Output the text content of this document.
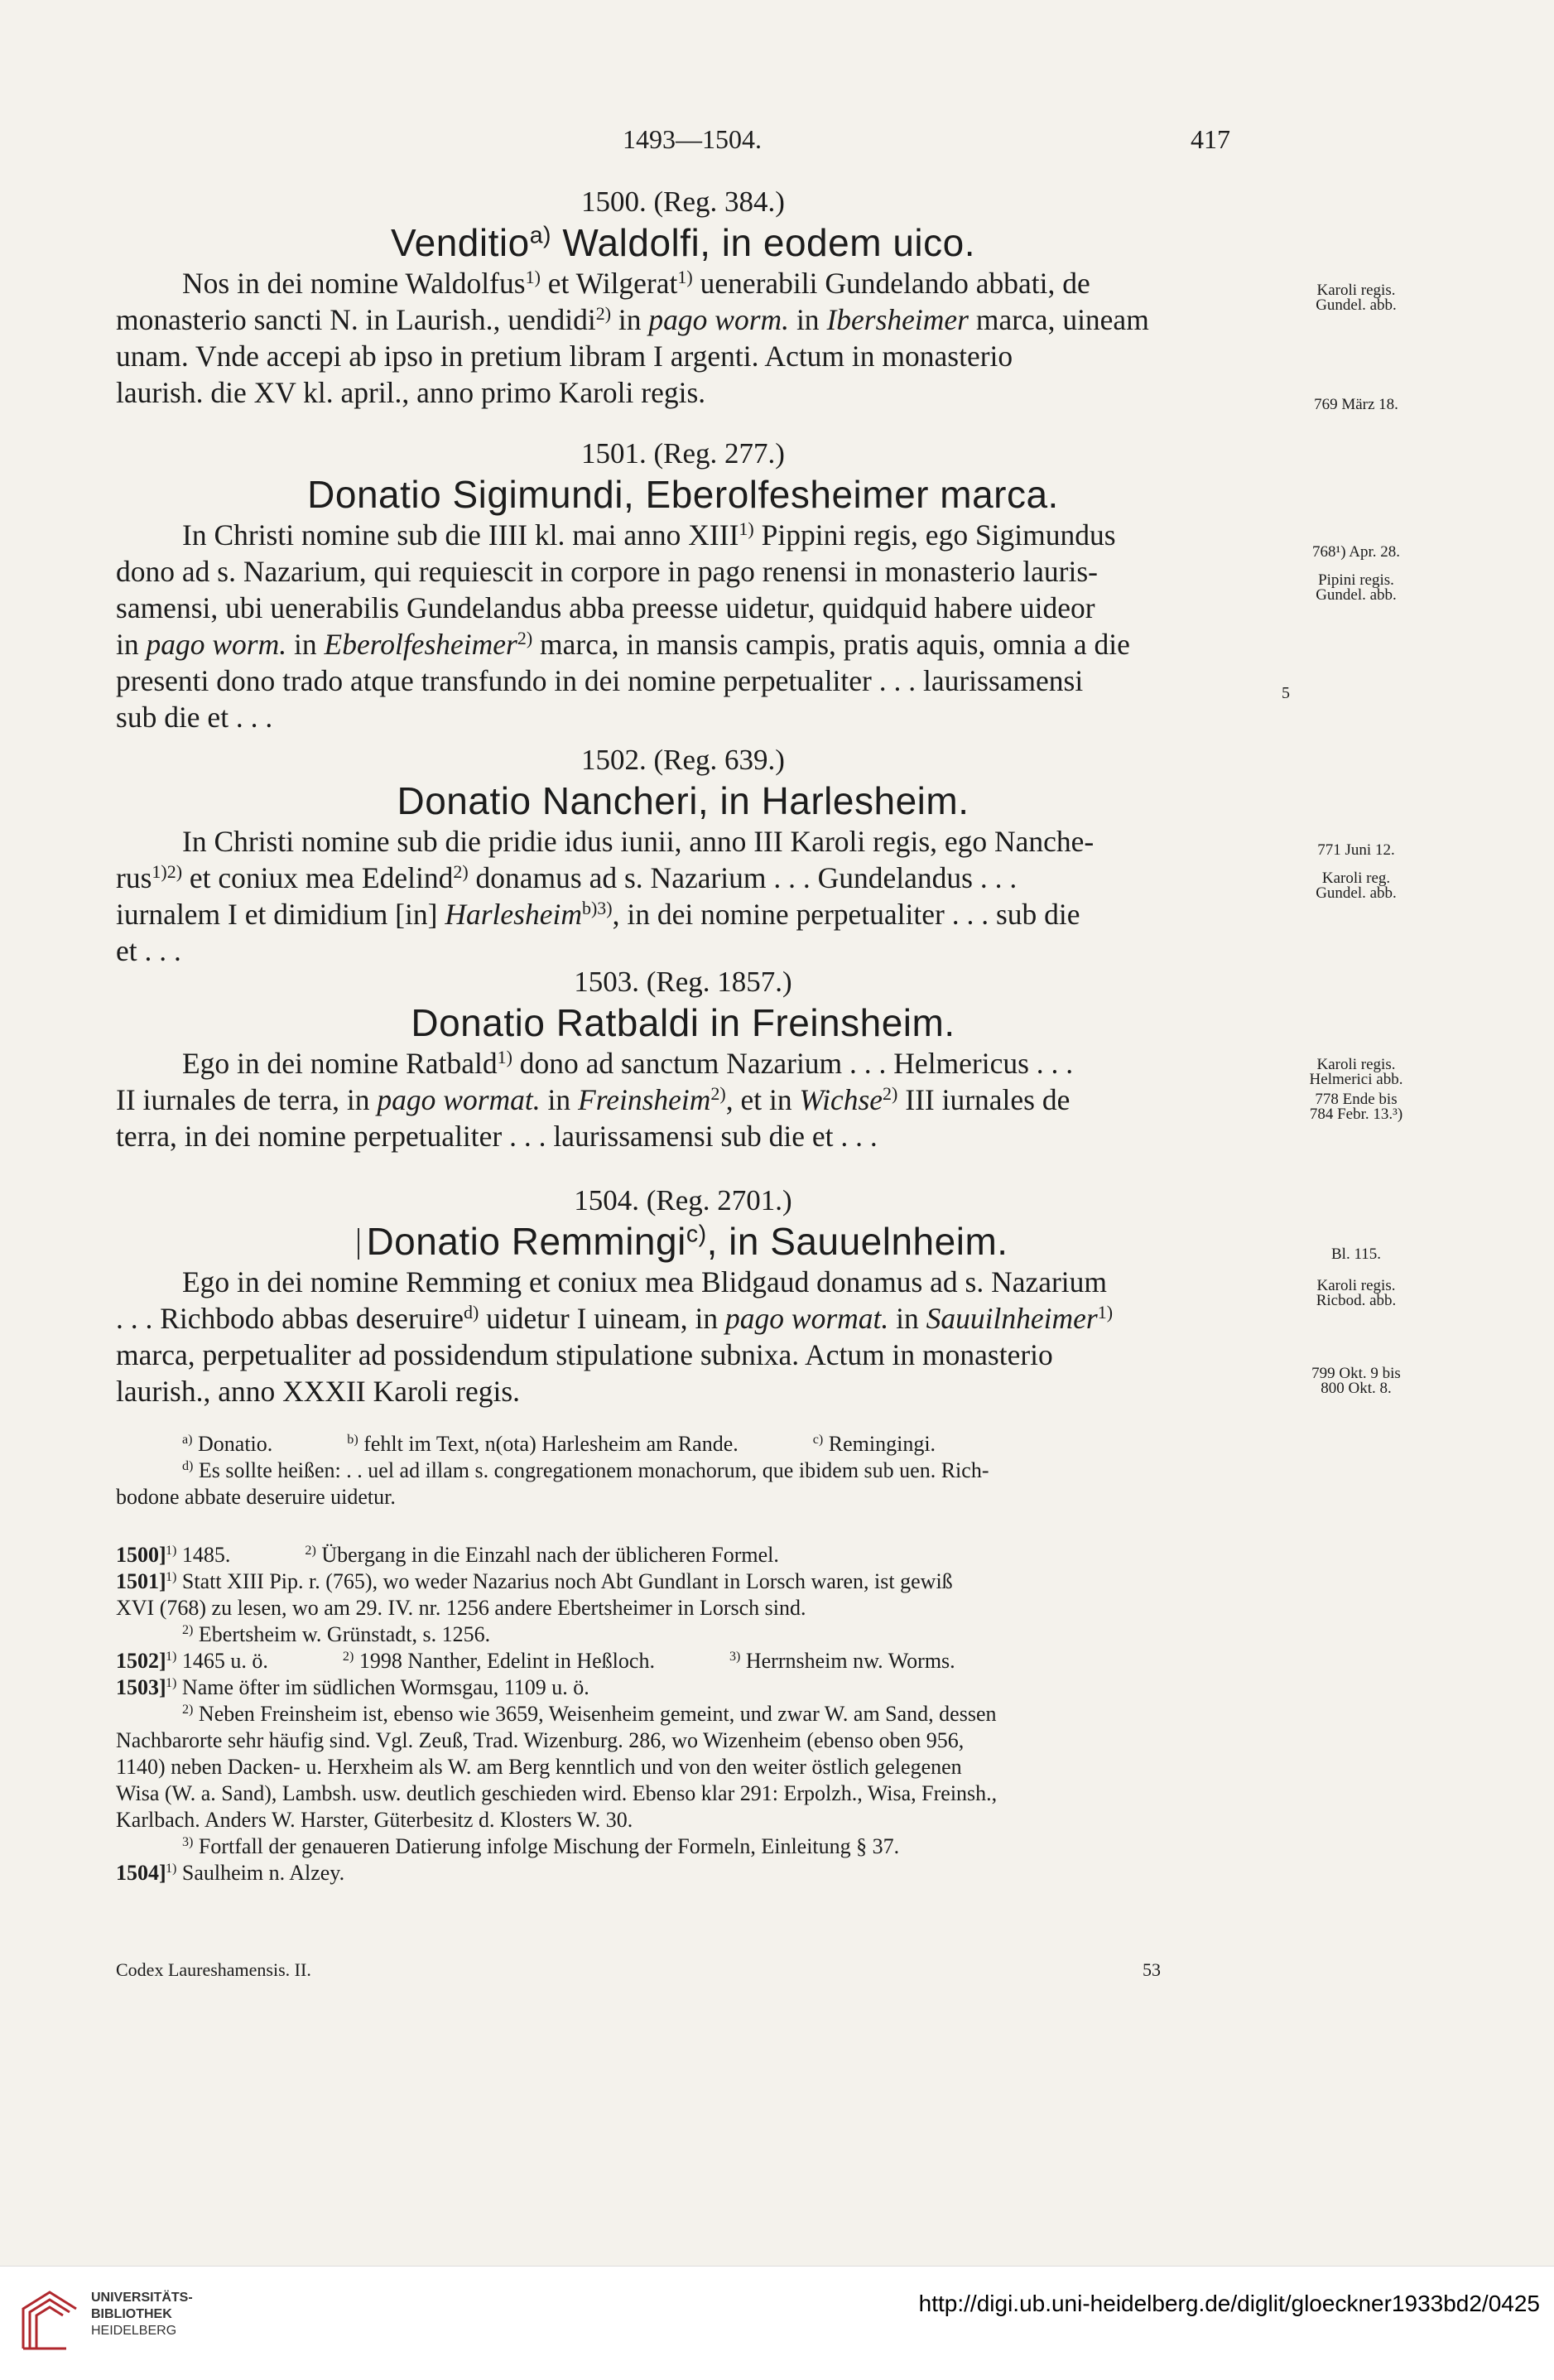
1493—1504.	417

1500. (Reg. 384.)

Venditio$^{a)}$ Waldolfi, in eodem uico.

Nos in dei nomine Waldolfus$^{1)}$ et Wilgerat$^{1)}$ uenerabili Gundelando abbati, de
monasterio sancti N. in Laurish., uendidi$^{2)}$ in pago worm. in Ibersheimer marca, uineam
unam. Vnde accepi ab ipso in pretium libram I argenti. Actum in monasterio
laurish. die XV kl. april., anno primo Karoli regis.

Karoli regis.
Gundel. abb.
769 März 18.

1501. (Reg. 277.)

Donatio Sigimundi, Eberolfesheimer marca.

In Christi nomine sub die IIII kl. mai anno XIII$^{1)}$ Pippini regis, ego Sigimundus
dono ad s. Nazarium, qui requiescit in corpore in pago renensi in monasterio lauris-
samensi, ubi uenerabilis Gundelandus abba preesse uidetur, quidquid habere uideor
in pago worm. in Eberolfesheimer$^{2)}$ marca, in mansis campis, pratis aquis, omnia a die
presenti dono trado atque transfundo in dei nomine perpetualiter . . . laurissamensi
sub die et . . .

768¹) Apr. 28.
Pipini regis.
Gundel. abb.
5

1502. (Reg. 639.)

Donatio Nancheri, in Harlesheim.

In Christi nomine sub die pridie idus iunii, anno III Karoli regis, ego Nanche-
rus$^{1)2)}$ et coniux mea Edelind$^{2)}$ donamus ad s. Nazarium . . . Gundelandus . . .
iurnalem I et dimidium [in] Harlesheim$^{b)3)}$, in dei nomine perpetualiter . . . sub die
et . . .

771 Juni 12.
Karoli reg.
Gundel. abb.

1503. (Reg. 1857.)

Donatio Ratbaldi in Freinsheim.

Ego in dei nomine Ratbald$^{1)}$ dono ad sanctum Nazarium . . . Helmericus . . .
II iurnales de terra, in pago wormat. in Freinsheim$^{2)}$, et in Wichse$^{2)}$ III iurnales de
terra, in dei nomine perpetualiter . . . laurissamensi sub die et . . .

Karoli regis.
Helmerici abb.
778 Ende bis
784 Febr. 13.³)

1504. (Reg. 2701.)

Donatio Remmingi$^{c)}$, in Sauuelnheim.

Ego in dei nomine Remming et coniux mea Blidgaud donamus ad s. Nazarium
. . . Richbodo abbas deseruire$^{d)}$ uidetur I uineam, in pago wormat. in Sauuilnheimer$^{1)}$
marca, perpetualiter ad possidendum stipulatione subnixa. Actum in monasterio
laurish., anno XXXII Karoli regis.

Bl. 115.
Karoli regis.
Ricbod. abb.
799 Okt. 9 bis
800 Okt. 8.

$^{a)}$ Donatio.	$^{b)}$ fehlt im Text, n(ota) Harlesheim am Rande.	$^{c)}$ Remingingi.

$^{d)}$ Es sollte heißen: . . uel ad illam s. congregationem monachorum, que ibidem sub uen. Rich-

bodone abbate deseruire uidetur.

1500]$^{1)}$ 1485.	$^{2)}$ Übergang in die Einzahl nach der üblicheren Formel.

1501]$^{1)}$ Statt XIII Pip. r. (765), wo weder Nazarius noch Abt Gundlant in Lorsch waren, ist gewiß

XVI (768) zu lesen, wo am 29. IV. nr. 1256 andere Ebertsheimer in Lorsch sind.

$^{2)}$ Ebertsheim w. Grünstadt, s. 1256.

1502]$^{1)}$ 1465 u. ö.	$^{2)}$ 1998 Nanther, Edelint in Heßloch.	$^{3)}$ Herrnsheim nw. Worms.

1503]$^{1)}$ Name öfter im südlichen Wormsgau, 1109 u. ö.

$^{2)}$ Neben Freinsheim ist, ebenso wie 3659, Weisenheim gemeint, und zwar W. am Sand, dessen

Nachbarorte sehr häufig sind. Vgl. Zeuß, Trad. Wizenburg. 286, wo Wizenheim (ebenso oben 956,

1140) neben Dacken- u. Herxheim als W. am Berg kenntlich und von den weiter östlich gelegenen

Wisa (W. a. Sand), Lambsh. usw. deutlich geschieden wird. Ebenso klar 291: Erpolzh., Wisa, Freinsh.,

Karlbach. Anders W. Harster, Güterbesitz d. Klosters W. 30.

$^{3)}$ Fortfall der genaueren Datierung infolge Mischung der Formeln, Einleitung § 37.

1504]$^{1)}$ Saulheim n. Alzey.

Codex Laureshamensis. II.	53
UNIVERSITÄTS-
BIBLIOTHEK
HEIDELBERG
http://digi.ub.uni-heidelberg.de/diglit/gloeckner1933bd2/0425
